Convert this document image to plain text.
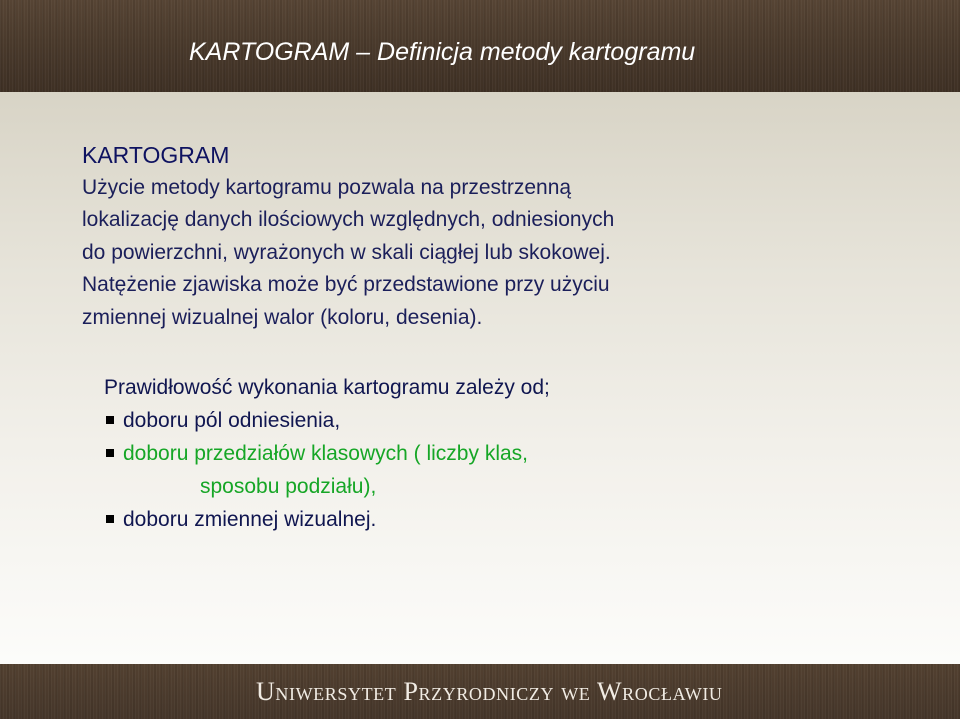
KARTOGRAM – Definicja metody kartogramu

KARTOGRAM

Użycie metody kartogramu pozwala na przestrzenną

lokalizację danych ilościowych względnych, odniesionych

do powierzchni, wyrażonych w skali ciągłej lub skokowej.

Natężenie zjawiska może być przedstawione przy użyciu

zmiennej wizualnej walor (koloru, desenia).

Prawidłowość wykonania kartogramu zależy od;

doboru pól odniesienia,
doboru przedziałów klasowych ( liczby klas,
sposobu podziału),
doboru zmiennej wizualnej.

Uniwersytet Przyrodniczy we Wrocławiu
